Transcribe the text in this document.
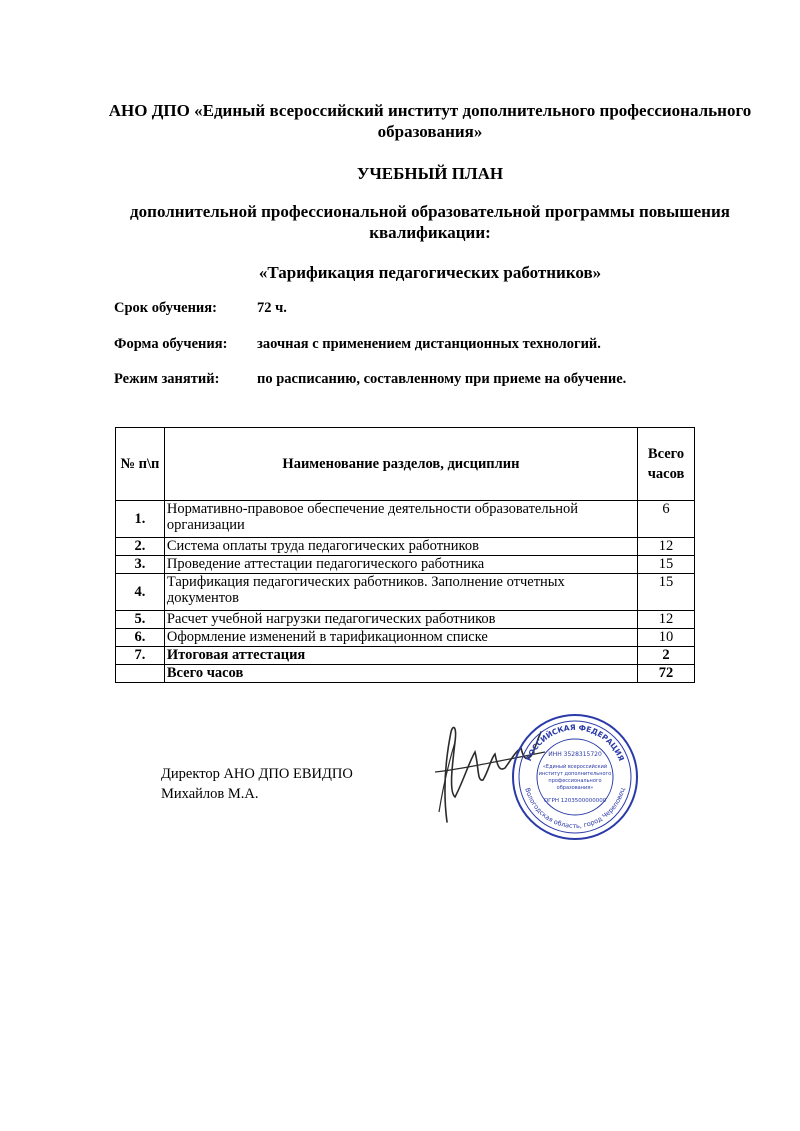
АНО ДПО «Единый всероссийский институт дополнительного профессионального образования»
УЧЕБНЫЙ ПЛАН
дополнительной профессиональной образовательной программы повышения квалификации:
«Тарификация педагогических работников»
Срок обучения:	72 ч.
Форма обучения: заочная с применением дистанционных технологий.
Режим занятий:	по расписанию, составленному при приеме на обучение.
№ п\п	Наименование разделов, дисциплин	Всего часов
1.	Нормативно-правовое обеспечение деятельности образовательной организации	6
2.	Система оплаты труда педагогических работников	12
3.	Проведение аттестации педагогического работника	15
4.	Тарификация педагогических работников. Заполнение отчетных документов	15
5.	Расчет учебной нагрузки педагогических работников	12
6.	Оформление изменений в тарификационном списке	10
7.	Итоговая аттестация	2
	Всего часов	72
Директор АНО ДПО ЕВИДПО
Михайлов М.А.
РОССИЙСКАЯ ФЕДЕРАЦИЯ
Вологодская область, город Череповец
ИНН 3528315720
«Единый всероссийский
институт дополнительного
профессионального
образования»
ОГРН 1203500000000
